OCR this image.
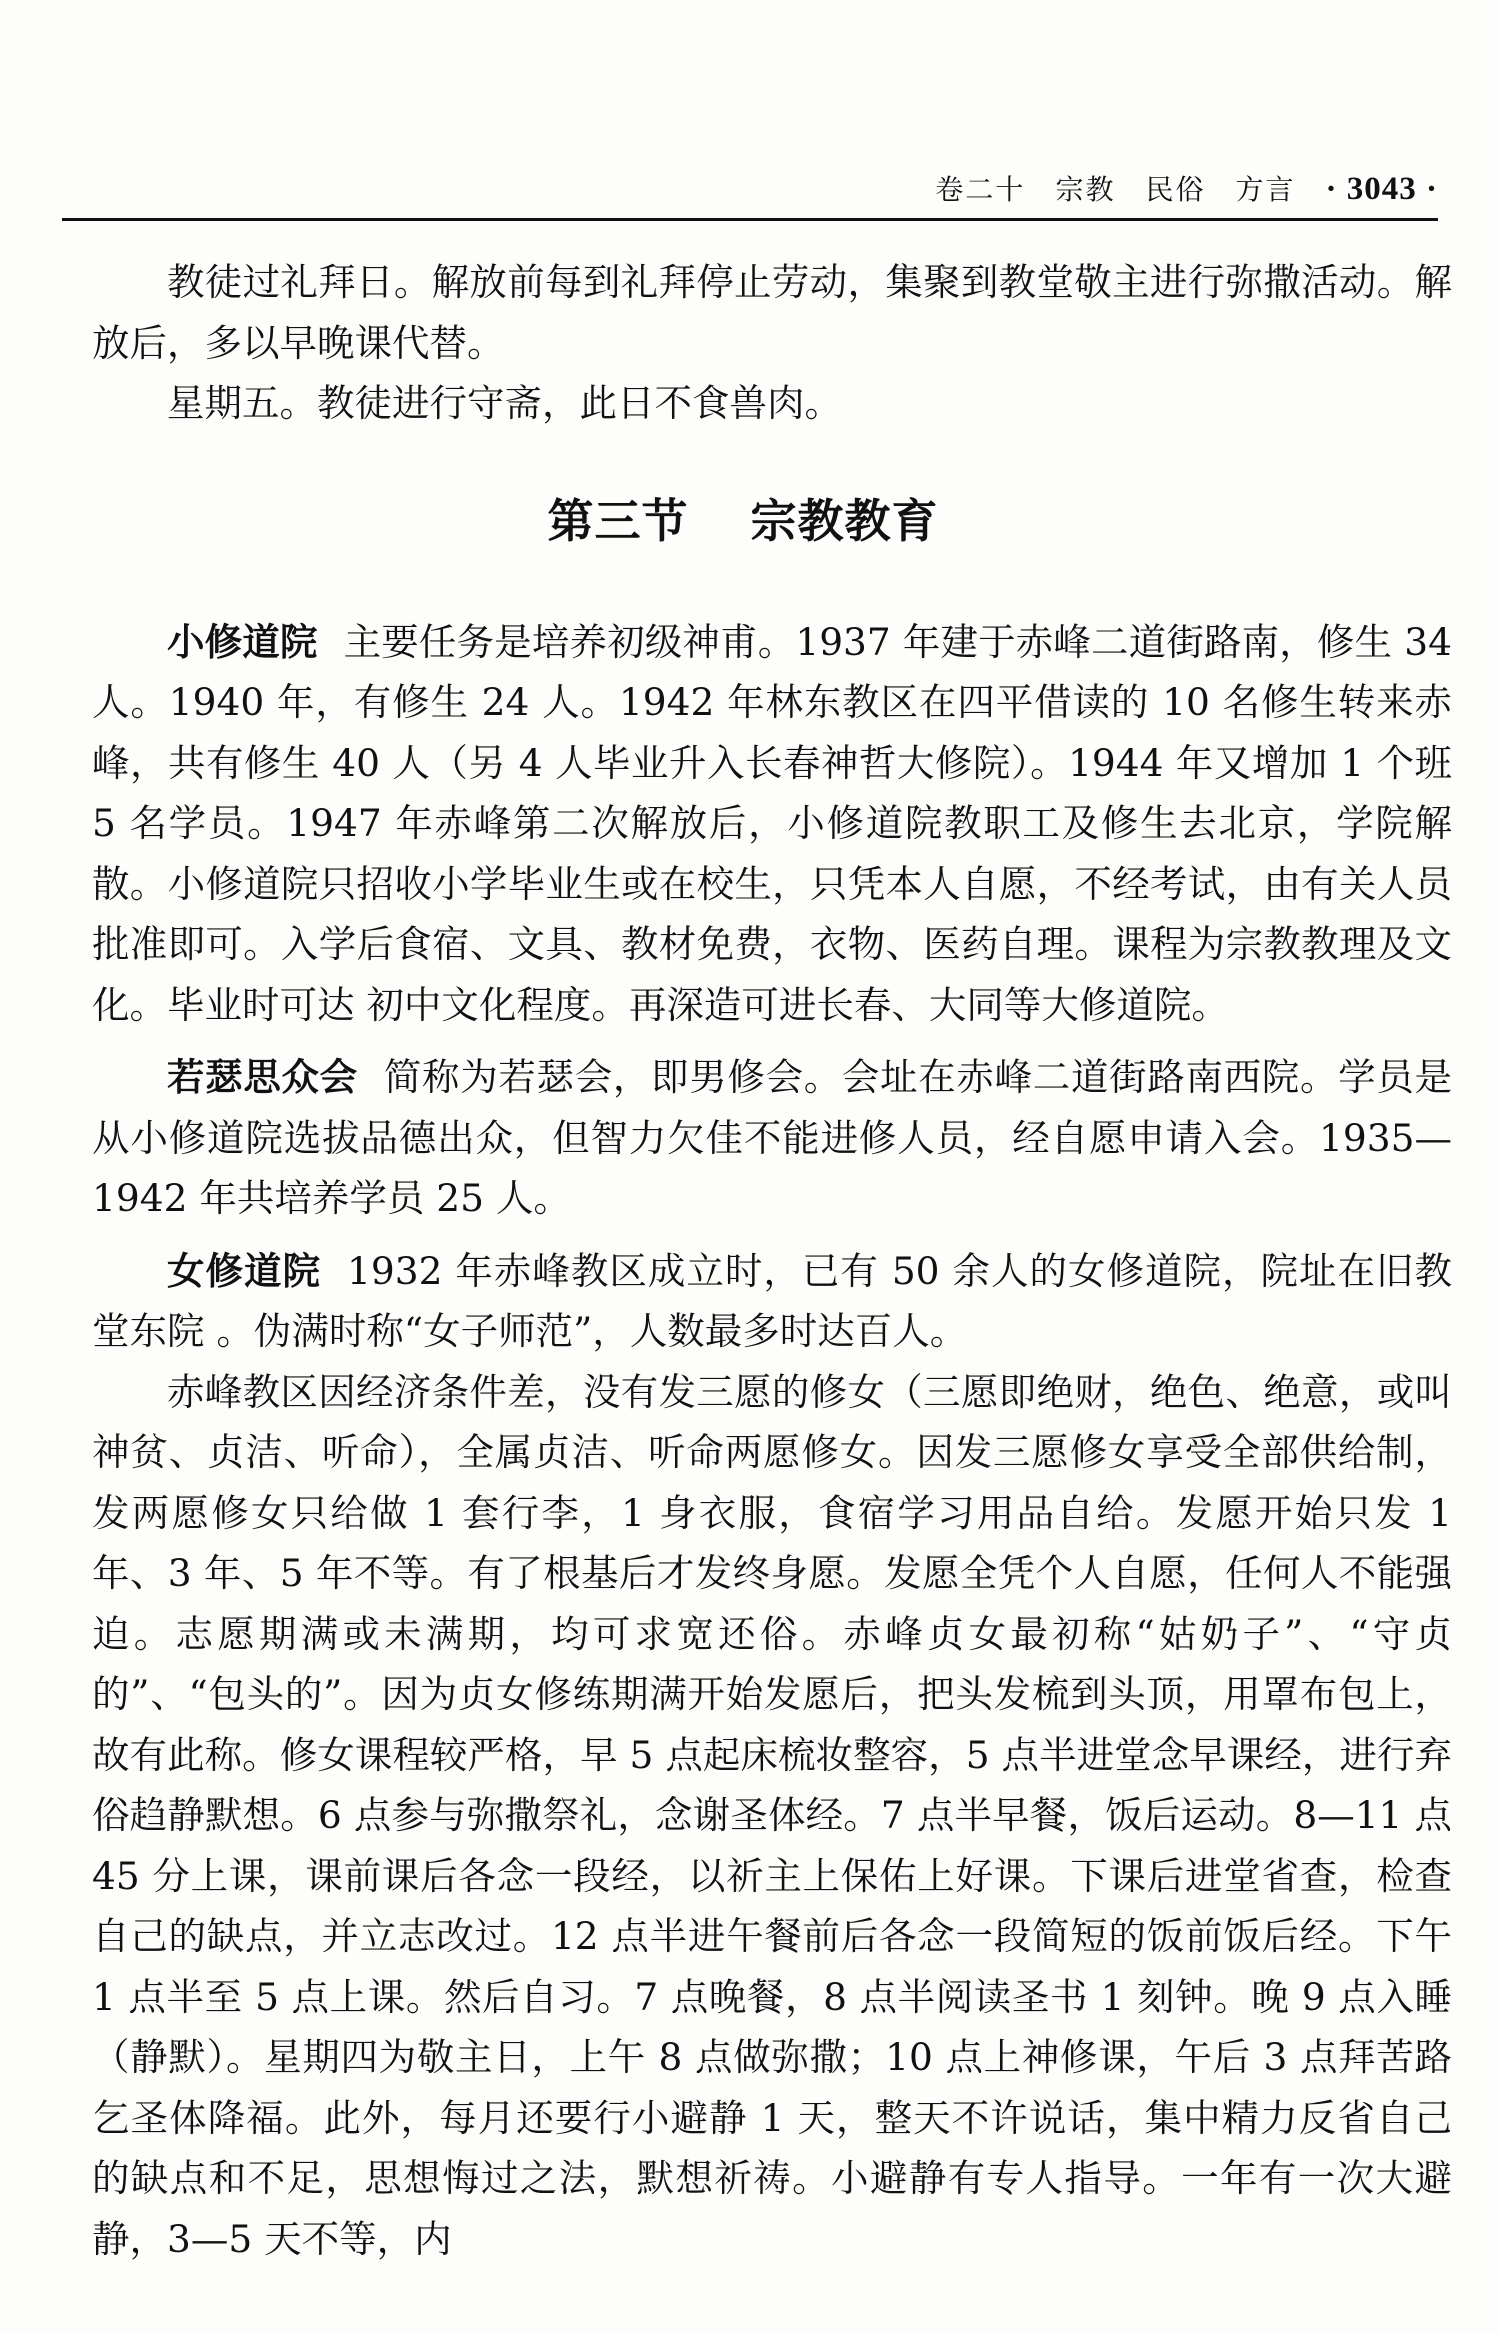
卷二十 宗教 民俗 方言 · 3043 ·

教徒过礼拜日。解放前每到礼拜停止劳动，集聚到教堂敬主进行弥撒活动。解放后，多以早晚课代替。

星期五。教徒进行守斋，此日不食兽肉。

第三节 宗教教育

小修道院 主要任务是培养初级神甫。1937 年建于赤峰二道街路南，修生 34 人。1940 年，有修生 24 人。1942 年林东教区在四平借读的 10 名修生转来赤峰，共有修生 40 人（另 4 人毕业升入长春神哲大修院）。1944 年又增加 1 个班 5 名学员。1947 年赤峰第二次解放后，小修道院教职工及修生去北京，学院解散。小修道院只招收小学毕业生或在校生，只凭本人自愿，不经考试，由有关人员批准即可。入学后食宿、文具、教材免费，衣物、医药自理。课程为宗教教理及文化。毕业时可达 初中文化程度。再深造可进长春、大同等大修道院。

若瑟思众会 简称为若瑟会，即男修会。会址在赤峰二道街路南西院。学员是从小修道院选拔品德出众，但智力欠佳不能进修人员，经自愿申请入会。1935—1942 年共培养学员 25 人。

女修道院 1932 年赤峰教区成立时，已有 50 余人的女修道院，院址在旧教堂东院 。伪满时称“女子师范”，人数最多时达百人。

赤峰教区因经济条件差，没有发三愿的修女（三愿即绝财，绝色、绝意，或叫神贫、贞洁、听命），全属贞洁、听命两愿修女。因发三愿修女享受全部供给制，发两愿修女只给做 1 套行李，1 身衣服，食宿学习用品自给。发愿开始只发 1 年、3 年、5 年不等。有了根基后才发终身愿。发愿全凭个人自愿，任何人不能强迫。志愿期满或未满期，均可求宽还俗。赤峰贞女最初称“姑奶子”、“守贞的”、“包头的”。因为贞女修练期满开始发愿后，把头发梳到头顶，用罩布包上，故有此称。修女课程较严格，早 5 点起床梳妆整容，5 点半进堂念早课经，进行弃俗趋静默想。6 点参与弥撒祭礼，念谢圣体经。7 点半早餐，饭后运动。8—11 点 45 分上课，课前课后各念一段经，以祈主上保佑上好课。下课后进堂省查，检查自己的缺点，并立志改过。12 点半进午餐前后各念一段简短的饭前饭后经。下午 1 点半至 5 点上课。然后自习。7 点晚餐，8 点半阅读圣书 1 刻钟。晚 9 点入睡（静默）。星期四为敬主日，上午 8 点做弥撒；10 点上神修课，午后 3 点拜苦路乞圣体降福。此外，每月还要行小避静 1 天，整天不许说话，集中精力反省自己的缺点和不足，思想悔过之法，默想祈祷。小避静有专人指导。一年有一次大避静，3—5 天不等，内
